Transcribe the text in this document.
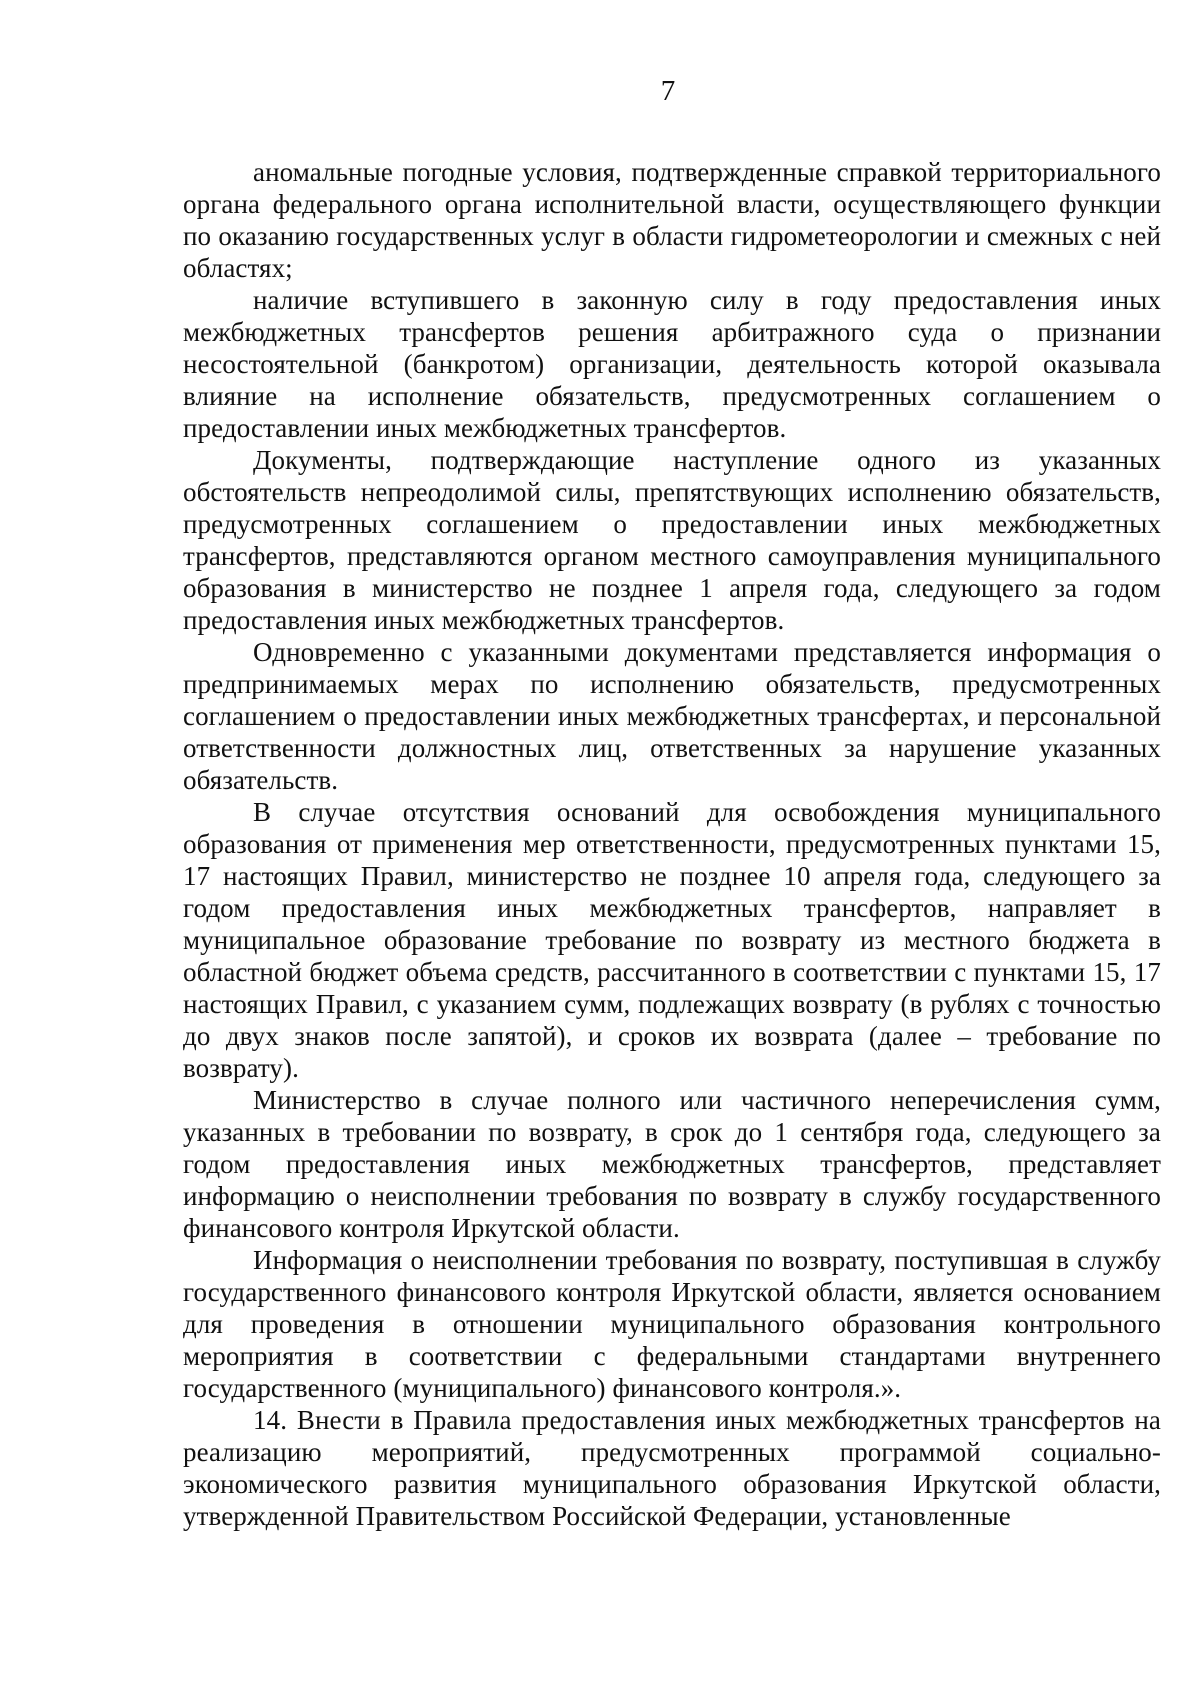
7

аномальные погодные условия, подтвержденные справкой территориального органа федерального органа исполнительной власти, осуществляющего функции по оказанию государственных услуг в области гидрометеорологии и смежных с ней областях;

наличие вступившего в законную силу в году предоставления иных межбюджетных трансфертов решения арбитражного суда о признании несостоятельной (банкротом) организации, деятельность которой оказывала влияние на исполнение обязательств, предусмотренных соглашением о предоставлении иных межбюджетных трансфертов.

Документы, подтверждающие наступление одного из указанных обстоятельств непреодолимой силы, препятствующих исполнению обязательств, предусмотренных соглашением о предоставлении иных межбюджетных трансфертов, представляются органом местного самоуправления муниципального образования в министерство не позднее 1 апреля года, следующего за годом предоставления иных межбюджетных трансфертов.

Одновременно с указанными документами представляется информация о предпринимаемых мерах по исполнению обязательств, предусмотренных соглашением о предоставлении иных межбюджетных трансфертах, и персональной ответственности должностных лиц, ответственных за нарушение указанных обязательств.

В случае отсутствия оснований для освобождения муниципального образования от применения мер ответственности, предусмотренных пунктами 15, 17 настоящих Правил, министерство не позднее 10 апреля года, следующего за годом предоставления иных межбюджетных трансфертов, направляет в муниципальное образование требование по возврату из местного бюджета в областной бюджет объема средств, рассчитанного в соответствии с пунктами 15, 17 настоящих Правил, с указанием сумм, подлежащих возврату (в рублях с точностью до двух знаков после запятой), и сроков их возврата (далее – требование по возврату).

Министерство в случае полного или частичного неперечисления сумм, указанных в требовании по возврату, в срок до 1 сентября года, следующего за годом предоставления иных межбюджетных трансфертов, представляет информацию о неисполнении требования по возврату в службу государственного финансового контроля Иркутской области.

Информация о неисполнении требования по возврату, поступившая в службу государственного финансового контроля Иркутской области, является основанием для проведения в отношении муниципального образования контрольного мероприятия в соответствии с федеральными стандартами внутреннего государственного (муниципального) финансового контроля.».

14. Внести в Правила предоставления иных межбюджетных трансфертов на реализацию мероприятий, предусмотренных программой социально-экономического развития муниципального образования Иркутской области, утвержденной Правительством Российской Федерации, установленные
